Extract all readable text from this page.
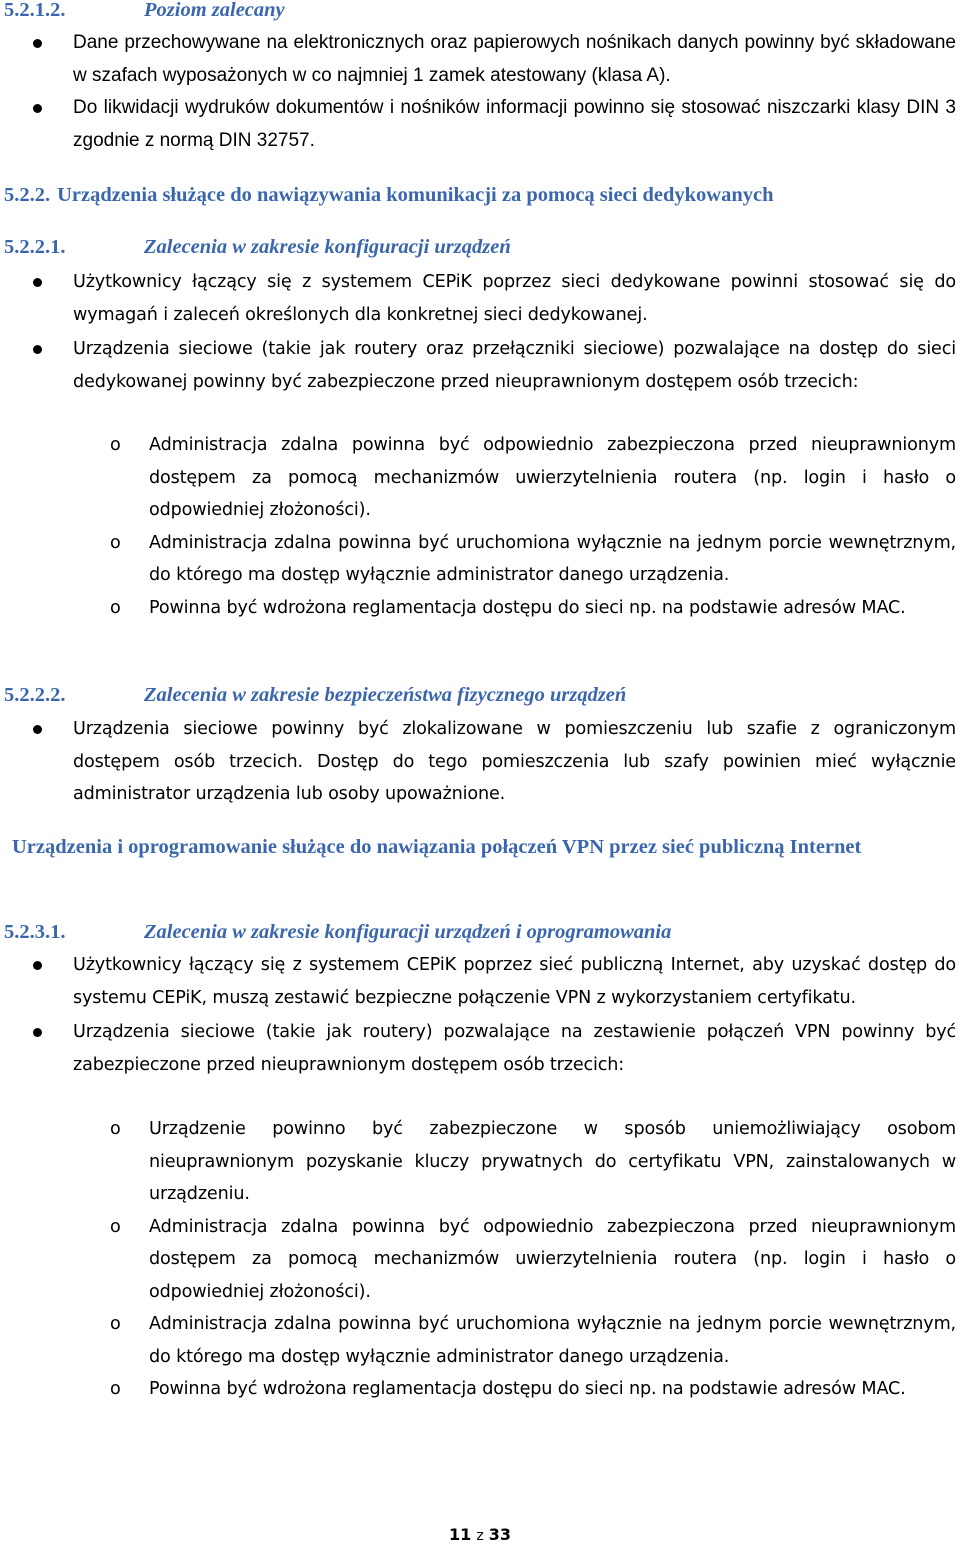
5.2.1.2.	Poziom zalecany

Dane przechowywane na elektronicznych oraz papierowych nośnikach danych powinny być składowane w szafach wyposażonych w co najmniej 1 zamek atestowany (klasa A).
Do likwidacji wydruków dokumentów i nośników informacji powinno się stosować niszczarki klasy DIN 3 zgodnie z normą DIN 32757.

5.2.2. Urządzenia służące do nawiązywania komunikacji za pomocą sieci dedykowanych

5.2.2.1.	Zalecenia w zakresie konfiguracji urządzeń

Użytkownicy łączący się z systemem CEPiK poprzez sieci dedykowane powinni stosować się do wymagań i zaleceń określonych dla konkretnej sieci dedykowanej.
Urządzenia sieciowe (takie jak routery oraz przełączniki sieciowe) pozwalające na dostęp do sieci dedykowanej powinny być zabezpieczone przed nieuprawnionym dostępem osób trzecich:
o Administracja zdalna powinna być odpowiednio zabezpieczona przed nieuprawnionym dostępem za pomocą mechanizmów uwierzytelnienia routera (np. login i hasło o odpowiedniej złożoności).
o Administracja zdalna powinna być uruchomiona wyłącznie na jednym porcie wewnętrznym, do którego ma dostęp wyłącznie administrator danego urządzenia.
o Powinna być wdrożona reglamentacja dostępu do sieci np. na podstawie adresów MAC.

5.2.2.2.	Zalecenia w zakresie bezpieczeństwa fizycznego urządzeń

Urządzenia sieciowe powinny być zlokalizowane w pomieszczeniu lub szafie z ograniczonym dostępem osób trzecich. Dostęp do tego pomieszczenia lub szafy powinien mieć wyłącznie administrator urządzenia lub osoby upoważnione.

Urządzenia i oprogramowanie służące do nawiązania połączeń VPN przez sieć publiczną Internet

5.2.3.1.	Zalecenia w zakresie konfiguracji urządzeń i oprogramowania

Użytkownicy łączący się z systemem CEPiK poprzez sieć publiczną Internet, aby uzyskać dostęp do systemu CEPiK, muszą zestawić bezpieczne połączenie VPN z wykorzystaniem certyfikatu.
Urządzenia sieciowe (takie jak routery) pozwalające na zestawienie połączeń VPN powinny być zabezpieczone przed nieuprawnionym dostępem osób trzecich:
o Urządzenie powinno być zabezpieczone w sposób uniemożliwiający osobom nieuprawnionym pozyskanie kluczy prywatnych do certyfikatu VPN, zainstalowanych w urządzeniu.
o Administracja zdalna powinna być odpowiednio zabezpieczona przed nieuprawnionym dostępem za pomocą mechanizmów uwierzytelnienia routera (np. login i hasło o odpowiedniej złożoności).
o Administracja zdalna powinna być uruchomiona wyłącznie na jednym porcie wewnętrznym, do którego ma dostęp wyłącznie administrator danego urządzenia.
o Powinna być wdrożona reglamentacja dostępu do sieci np. na podstawie adresów MAC.
11 z 33
